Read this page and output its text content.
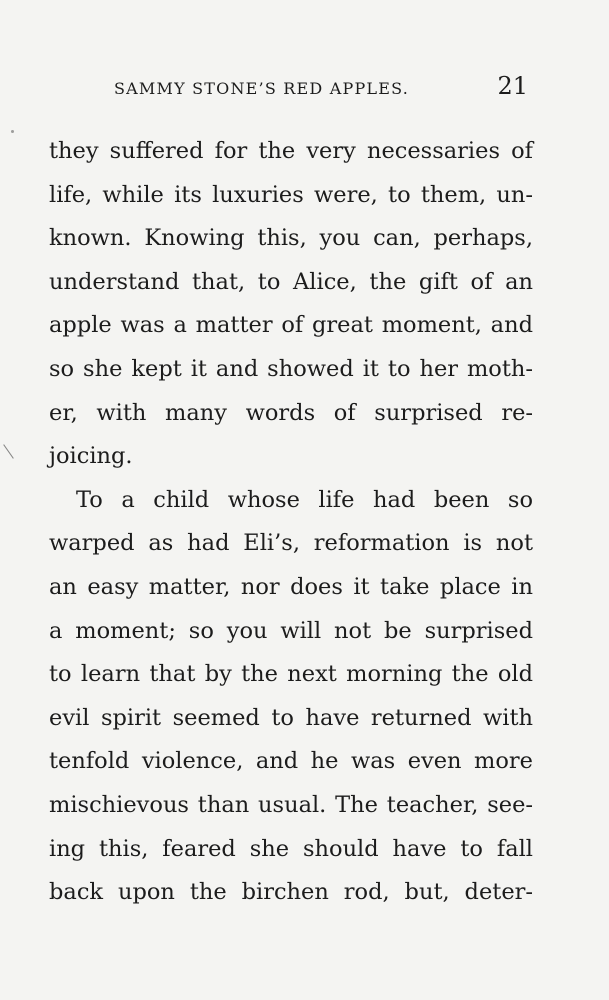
SAMMY STONE’S RED APPLES.	21
they suffered for the very necessaries of
life, while its luxuries were, to them, un-
known. Knowing this, you can, perhaps,
understand that, to Alice, the gift of an
apple was a matter of great moment, and
so she kept it and showed it to her moth-
er, with many words of surprised re-
joicing.
To a child whose life had been so
warped as had Eli’s, reformation is not
an easy matter, nor does it take place in
a moment; so you will not be surprised
to learn that by the next morning the old
evil spirit seemed to have returned with
tenfold violence, and he was even more
mischievous than usual. The teacher, see-
ing this, feared she should have to fall
back upon the birchen rod, but, deter-
